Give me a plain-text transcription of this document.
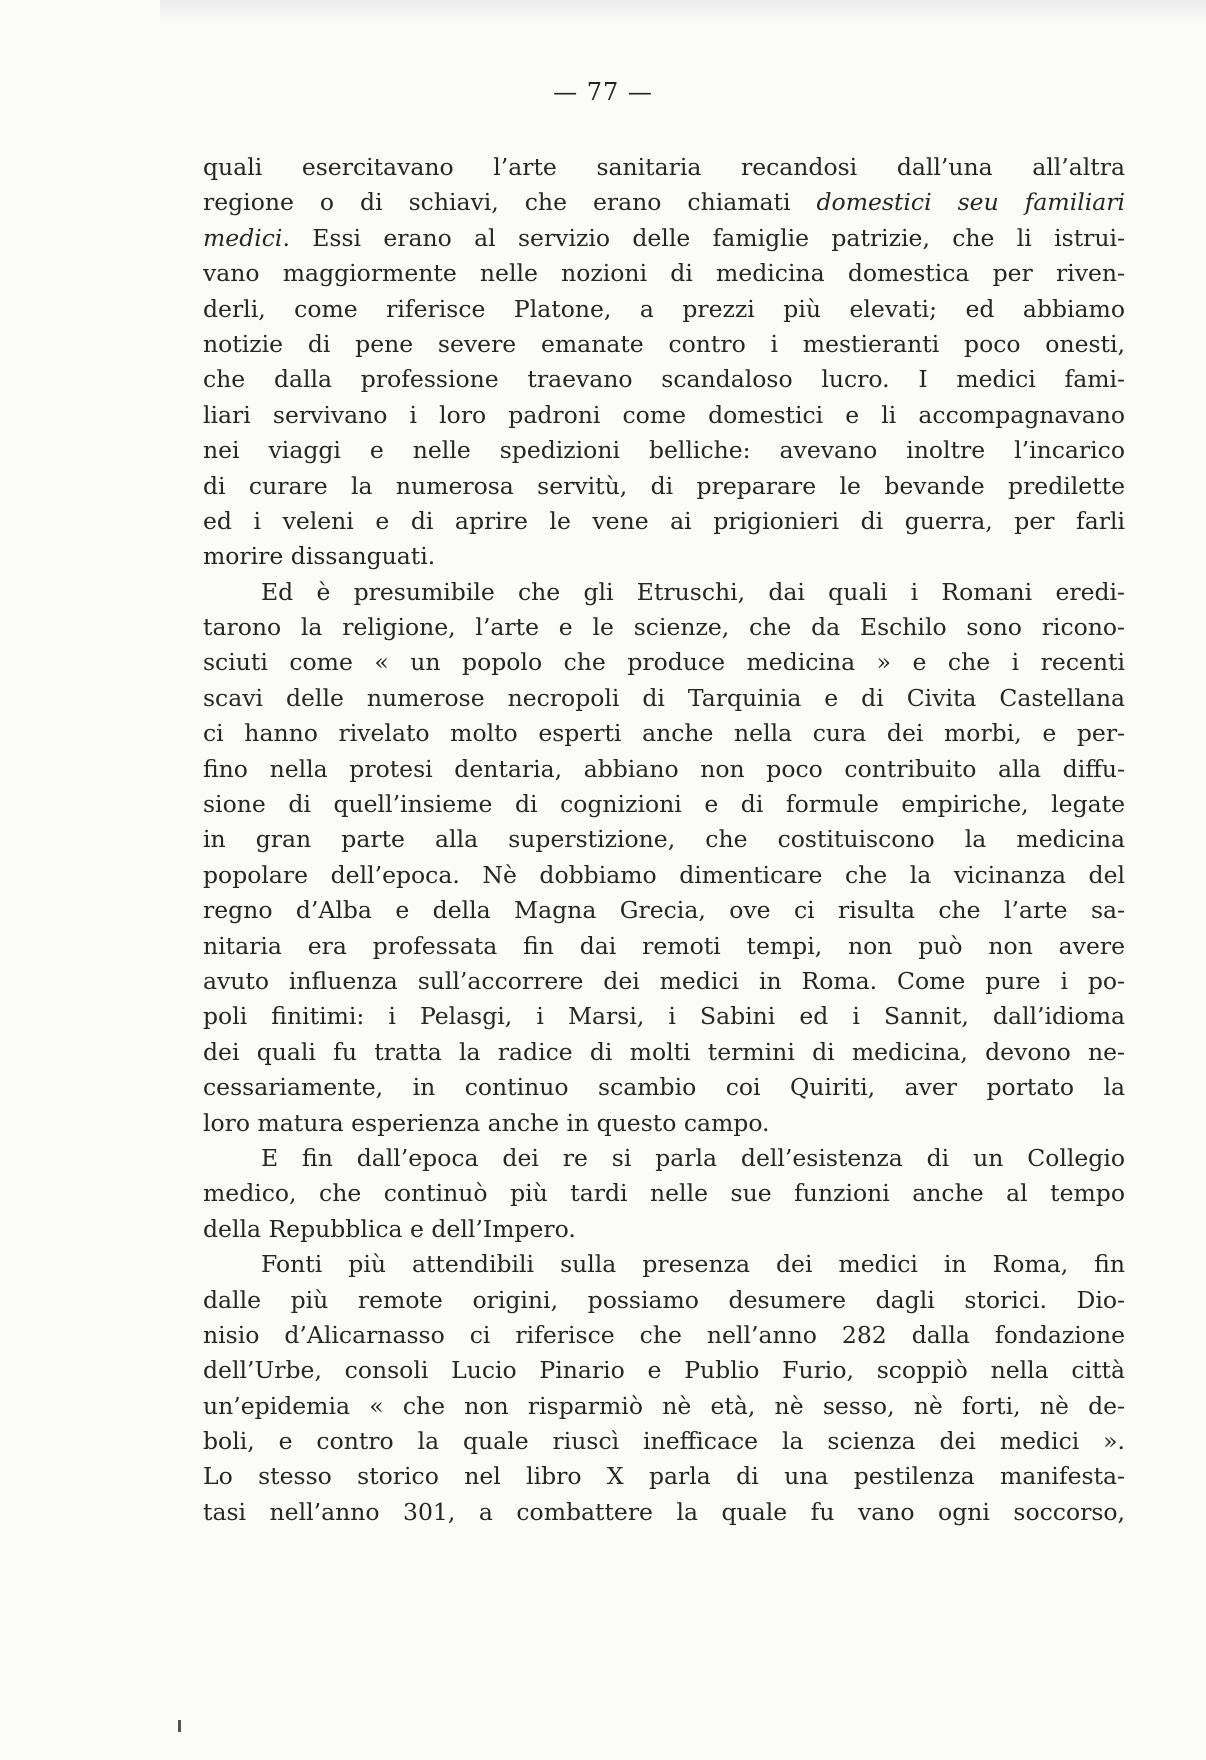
— 77 —
quali esercitavano l’arte sanitaria recandosi dall’una all’altra
regione o di schiavi, che erano chiamati domestici seu familiari
medici. Essi erano al servizio delle famiglie patrizie, che li istrui-
vano maggiormente nelle nozioni di medicina domestica per riven-
derli, come riferisce Platone, a prezzi più elevati; ed abbiamo
notizie di pene severe emanate contro i mestieranti poco onesti,
che dalla professione traevano scandaloso lucro. I medici fami-
liari servivano i loro padroni come domestici e li accompagnavano
nei viaggi e nelle spedizioni belliche: avevano inoltre l’incarico
di curare la numerosa servitù, di preparare le bevande predilette
ed i veleni e di aprire le vene ai prigionieri di guerra, per farli
morire dissanguati.
Ed è presumibile che gli Etruschi, dai quali i Romani eredi-
tarono la religione, l’arte e le scienze, che da Eschilo sono ricono-
sciuti come « un popolo che produce medicina » e che i recenti
scavi delle numerose necropoli di Tarquinia e di Civita Castellana
ci hanno rivelato molto esperti anche nella cura dei morbi, e per-
fino nella protesi dentaria, abbiano non poco contribuito alla diffu-
sione di quell’insieme di cognizioni e di formule empiriche, legate
in gran parte alla superstizione, che costituiscono la medicina
popolare dell’epoca. Nè dobbiamo dimenticare che la vicinanza del
regno d’Alba e della Magna Grecia, ove ci risulta che l’arte sa-
nitaria era professata fin dai remoti tempi, non può non avere
avuto influenza sull’accorrere dei medici in Roma. Come pure i po-
poli finitimi: i Pelasgi, i Marsi, i Sabini ed i Sannit, dall’idioma
dei quali fu tratta la radice di molti termini di medicina, devono ne-
cessariamente, in continuo scambio coi Quiriti, aver portato la
loro matura esperienza anche in questo campo.
E fin dall’epoca dei re si parla dell’esistenza di un Collegio
medico, che continuò più tardi nelle sue funzioni anche al tempo
della Repubblica e dell’Impero.
Fonti più attendibili sulla presenza dei medici in Roma, fin
dalle più remote origini, possiamo desumere dagli storici. Dio-
nisio d’Alicarnasso ci riferisce che nell’anno 282 dalla fondazione
dell’Urbe, consoli Lucio Pinario e Publio Furio, scoppiò nella città
un’epidemia « che non risparmiò nè età, nè sesso, nè forti, nè de-
boli, e contro la quale riuscì inefficace la scienza dei medici ».
Lo stesso storico nel libro X parla di una pestilenza manifesta-
tasi nell’anno 301, a combattere la quale fu vano ogni soccorso,
